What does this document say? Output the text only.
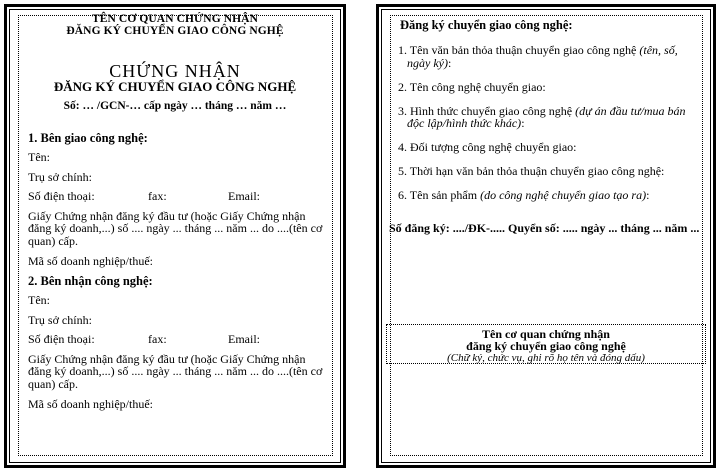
TÊN CƠ QUAN CHỨNG NHẬN
ĐĂNG KÝ CHUYỂN GIAO CÔNG NGHỆ
CHỨNG NHẬN
ĐĂNG KÝ CHUYỂN GIAO CÔNG NGHỆ
Số: … /GCN-… cấp ngày … tháng … năm …
1. Bên giao công nghệ:
Tên:
Trụ sở chính:
Số điện thoại:	fax:	Email:
Giấy Chứng nhận đăng ký đầu tư (hoặc Giấy Chứng nhận
đăng ký doanh,...) số .... ngày ... tháng ... năm ... do ....(tên cơ
quan) cấp.
Mã số doanh nghiệp/thuế:
2. Bên nhận công nghệ:
Tên:
Trụ sở chính:
Số điện thoại:	fax:	Email:
Giấy Chứng nhận đăng ký đầu tư (hoặc Giấy Chứng nhận
đăng ký doanh,...) số .... ngày ... tháng ... năm ... do ....(tên cơ
quan) cấp.
Mã số doanh nghiệp/thuế:
Đăng ký chuyển giao công nghệ:
1. Tên văn bản thỏa thuận chuyển giao công nghệ (tên, số,
ngày ký):
2. Tên công nghệ chuyển giao:
3. Hình thức chuyển giao công nghệ (dự án đầu tư/mua bán
độc lập/hình thức khác):
4. Đối tượng công nghệ chuyển giao:
5. Thời hạn văn bản thỏa thuận chuyển giao công nghệ:
6. Tên sản phẩm (do công nghệ chuyển giao tạo ra):
Số đăng ký: ..../ĐK-..... Quyển số: ..... ngày ... tháng ... năm ...
Tên cơ quan chứng nhận
đăng ký chuyển giao công nghệ
(Chữ ký, chức vụ, ghi rõ họ tên và đóng dấu)
